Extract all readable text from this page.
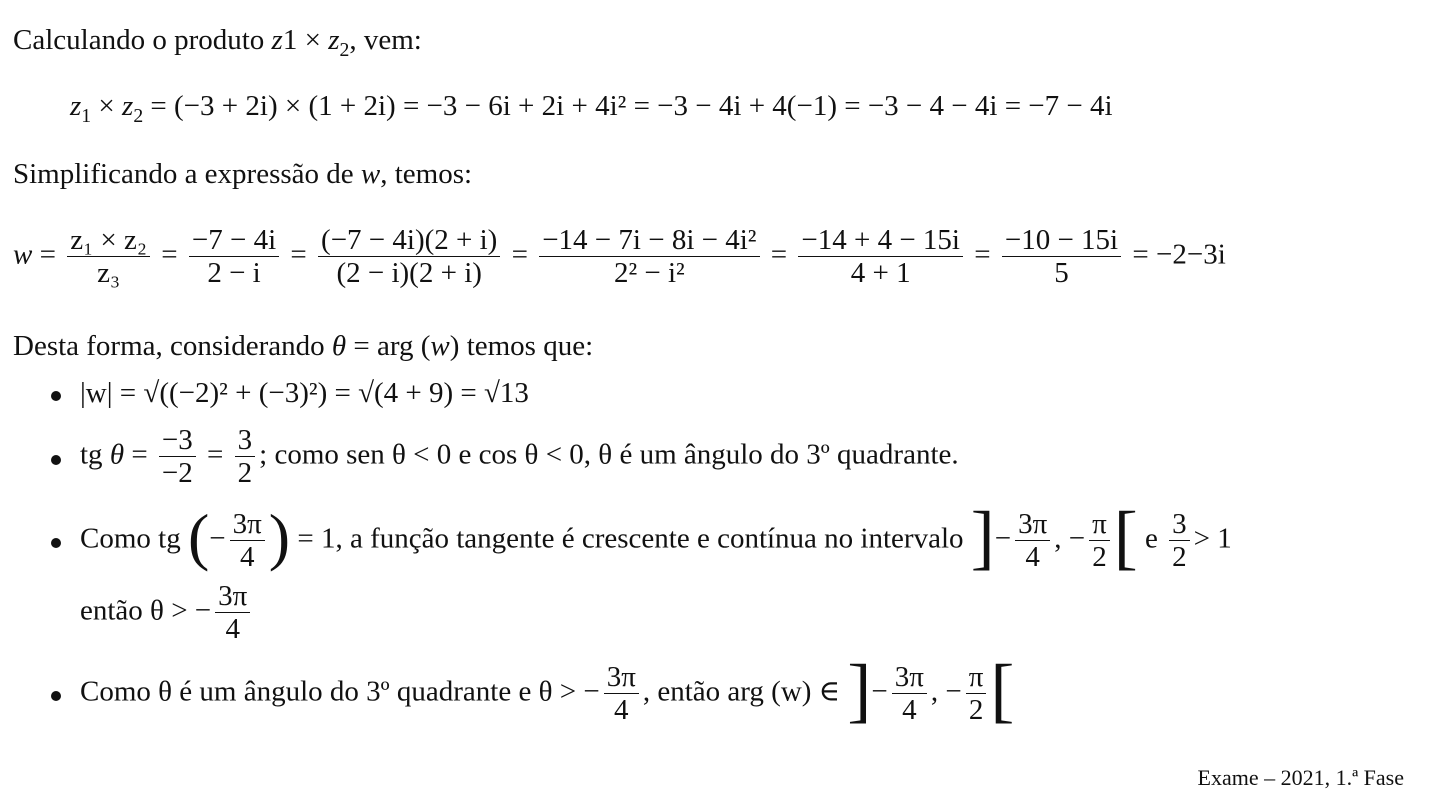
Calculando o produto $z1 \times z_2$, vem:
$z_1 \times z_2 = (-3 + 2i) \times (1 + 2i) = -3 - 6i + 2i + 4i^2 = -3 - 4i + 4(-1) = -3 - 4 - 4i = -7 - 4i$
Simplificando a expressão de w, temos:
$w = \frac{\text{z₁ × z₂}}{\text{z₃}} = \frac{-7 - 4i}{2 - i} = \frac{(-7 - 4i)(2 + i)}{(2 - i)(2 + i)} = \frac{\text{−14 − 7i − 8i − 4i²}}{\text{2² − i²}} = \frac{-14 + 4 - 15i}{4 + 1} = \frac{-10 - 15i}{5} = -2-3i$
Desta forma, considerando θ = arg (w) temos que:
|w| = √((−2)² + (−3)²) = √(4 + 9) = √13
tg $\theta = \frac{-3}{-2} = \frac{3}{2}$ ; como sen θ < 0 e cos θ < 0, θ é um ângulo do 3º quadrante.
Como tg (− $\frac{3\pi}{4}$ ) = 1, a função tangente é crescente e contínua no intervalo ]− $\frac{3\pi}{4}$ , − $\frac{\pi}{2}$ [ e $\frac{3}{2} > 1$
então θ > − $\frac{3\pi}{4}$
Como θ é um ângulo do 3º quadrante e θ > − $\frac{3\pi}{4}$ , então arg (w) ∈ ]− $\frac{3\pi}{4}$ , − $\frac{\pi}{2}$ [
Exame – 2021, 1.ª Fase
